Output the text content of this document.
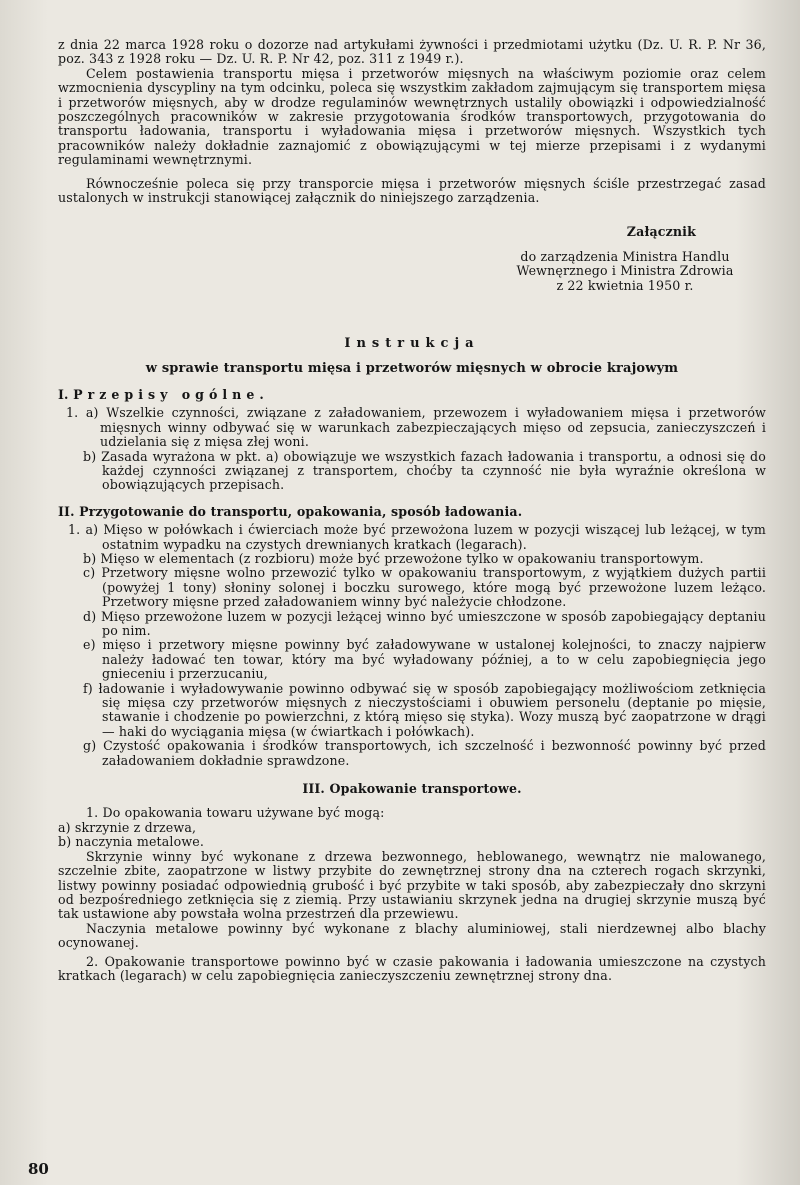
z dnia 22 marca 1928 roku o dozorze nad artykułami żywności i przedmiotami użytku (Dz. U. R. P. Nr 36, poz. 343 z 1928 roku — Dz. U. R. P. Nr 42, poz. 311 z 1949 r.).

Celem postawienia transportu mięsa i przetworów mięsnych na właściwym poziomie oraz celem wzmocnienia dyscypliny na tym odcinku, poleca się wszystkim zakładom zajmującym się transportem mięsa i przetworów mięsnych, aby w drodze regulaminów wewnętrznych ustalily obowiązki i odpowiedzialność poszczególnych pracowników w zakresie przygotowania środków transportowych, przygotowania do transportu ładowania, transportu i wyładowania mięsa i przetworów mięsnych. Wszystkich tych pracowników należy dokładnie zaznajomić z obowiązującymi w tej mierze przepisami i z wydanymi regulaminami wewnętrznymi.

Równocześnie poleca się przy transporcie mięsa i przetworów mięsnych ściśle przestrzegać zasad ustalonych w instrukcji stanowiącej załącznik do niniejszego zarządzenia.

Załącznik

do zarządzenia Ministra Handlu

Wewnęrznego i Ministra Zdrowia

z 22 kwietnia 1950 r.

Instrukcja

w sprawie transportu mięsa i przetworów mięsnych w obrocie krajowym

I. Przepisy ogólne.

1. a) Wszelkie czynności, związane z załadowaniem, przewozem i wyładowaniem mięsa i przetworów mięsnych winny odbywać się w warunkach zabezpieczających mięso od zepsucia, zanieczyszczeń i udzielania się z mięsa złej woni.

b) Zasada wyrażona w pkt. a) obowiązuje we wszystkich fazach ładowania i transportu, a odnosi się do każdej czynności związanej z transportem, choćby ta czynność nie była wyraźnie określona w obowiązujących przepisach.

II. Przygotowanie do transportu, opakowania, sposób ładowania.

1. a) Mięso w połówkach i ćwierciach może być przewożona luzem w pozycji wiszącej lub leżącej, w tym ostatnim wypadku na czystych drewnianych kratkach (legarach).

b) Mięso w elementach (z rozbioru) może być przewożone tylko w opakowaniu transportowym.

c) Przetwory mięsne wolno przewozić tylko w opakowaniu transportowym, z wyjątkiem dużych partii (powyżej 1 tony) słoniny solonej i boczku surowego, które mogą być przewożone luzem leżąco. Przetwory mięsne przed załadowaniem winny być należycie chłodzone.

d) Mięso przewożone luzem w pozycji leżącej winno być umieszczone w sposób zapobiegający deptaniu po nim.

e) mięso i przetwory mięsne powinny być załadowywane w ustalonej kolejności, to znaczy najpierw należy ładować ten towar, który ma być wyładowany później, a to w celu zapobiegnięcia jego gnieceniu i przerzucaniu,

f) ładowanie i wyładowywanie powinno odbywać się w sposób zapobiegający możliwościom zetknięcia się mięsa czy przetworów mięsnych z nieczystościami i obuwiem personelu (deptanie po mięsie, stawanie i chodzenie po powierzchni, z którą mięso się styka). Wozy muszą być zaopatrzone w drągi — haki do wyciągania mięsa (w ćwiartkach i połówkach).

g) Czystość opakowania i środków transportowych, ich szczelność i bezwonność powinny być przed załadowaniem dokładnie sprawdzone.

III. Opakowanie transportowe.

1. Do opakowania towaru używane być mogą:

a) skrzynie z drzewa,

b) naczynia metalowe.

Skrzynie winny być wykonane z drzewa bezwonnego, heblowanego, wewnątrz nie malowanego, szczelnie zbite, zaopatrzone w listwy przybite do zewnętrznej strony dna na czterech rogach skrzynki, listwy powinny posiadać odpowiednią grubość i być przybite w taki sposób, aby zabezpieczały dno skrzyni od bezpośredniego zetknięcia się z ziemią. Przy ustawianiu skrzynek jedna na drugiej skrzynie muszą być tak ustawione aby powstała wolna przestrzeń dla przewiewu.

Naczynia metalowe powinny być wykonane z blachy aluminiowej, stali nierdzewnej albo blachy ocynowanej.

2. Opakowanie transportowe powinno być w czasie pakowania i ładowania umieszczone na czystych kratkach (legarach) w celu zapobiegnięcia zanieczyszczeniu zewnętrznej strony dna.

80
